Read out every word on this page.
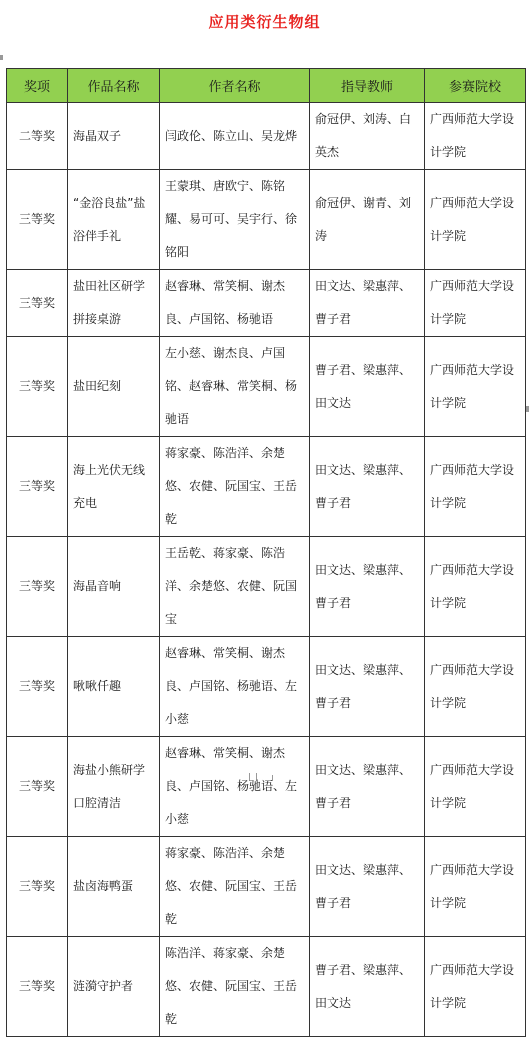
应用类衍生物组
奖项	作品名称	作者名称	指导教师	参赛院校
二等奖	海晶双子	闫政伦、陈立山、吴龙烨	俞冠伊、刘涛、白英杰	广西师范大学设计学院
三等奖	“金浴良盐”盐浴伴手礼	王蒙琪、唐欧宁、陈铭耀、易可可、吴宇行、徐铭阳	俞冠伊、谢青、刘涛	广西师范大学设计学院
三等奖	盐田社区研学拼接桌游	赵睿琳、常笑桐、谢杰良、卢国铭、杨驰语	田文达、梁惠萍、曹子君	广西师范大学设计学院
三等奖	盐田纪刻	左小慈、谢杰良、卢国铭、赵睿琳、常笑桐、杨驰语	曹子君、梁惠萍、田文达	广西师范大学设计学院
三等奖	海上光伏无线充电	蒋家豪、陈浩洋、余楚悠、农健、阮国宝、王岳乾	田文达、梁惠萍、曹子君	广西师范大学设计学院
三等奖	海晶音响	王岳乾、蒋家豪、陈浩洋、余楚悠、农健、阮国宝	田文达、梁惠萍、曹子君	广西师范大学设计学院
三等奖	啾啾仟趣	赵睿琳、常笑桐、谢杰良、卢国铭、杨驰语、左小慈	田文达、梁惠萍、曹子君	广西师范大学设计学院
三等奖	海盐小熊研学口腔清洁	赵睿琳、常笑桐、谢杰良、卢国铭、杨驰语、左小慈	田文达、梁惠萍、曹子君	广西师范大学设计学院
三等奖	盐卤海鸭蛋	蒋家豪、陈浩洋、余楚悠、农健、阮国宝、王岳乾	田文达、梁惠萍、曹子君	广西师范大学设计学院
三等奖	涟漪守护者	陈浩洋、蒋家豪、余楚悠、农健、阮国宝、王岳乾	曹子君、梁惠萍、田文达	广西师范大学设计学院
